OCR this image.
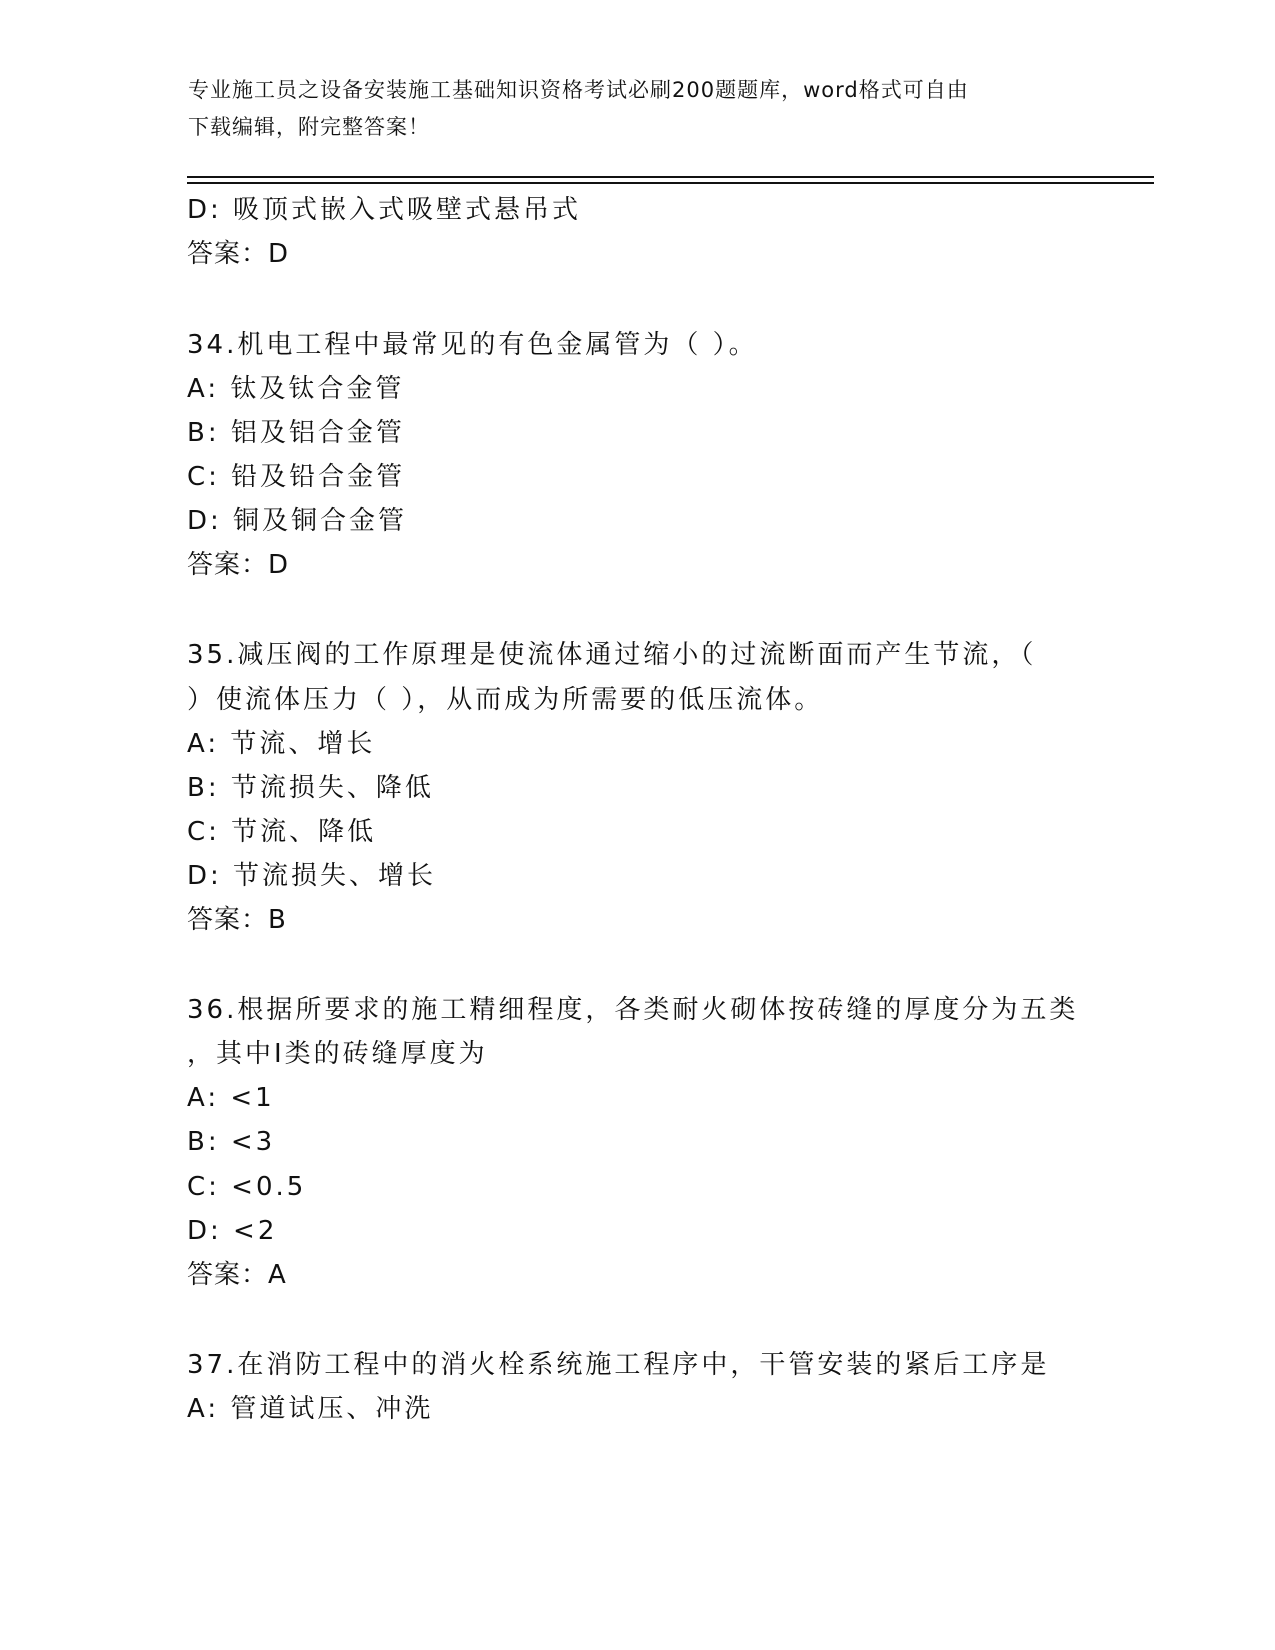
专业施工员之设备安装施工基础知识资格考试必刷200题题库，word格式可自由
下载编辑，附完整答案！
D: 吸顶式嵌入式吸壁式悬吊式
答案：D
34.机电工程中最常见的有色金属管为（ ）。
A: 钛及钛合金管
B: 铝及铝合金管
C: 铅及铅合金管
D: 铜及铜合金管
答案：D
35.减压阀的工作原理是使流体通过缩小的过流断面而产生节流，（
）使流体压力（ ），从而成为所需要的低压流体。
A: 节流、增长
B: 节流损失、降低
C: 节流、降低
D: 节流损失、增长
答案：B
36.根据所要求的施工精细程度，各类耐火砌体按砖缝的厚度分为五类
，其中Ⅰ类的砖缝厚度为
A: <1
B: <3
C: <0.5
D: <2
答案：A
37.在消防工程中的消火栓系统施工程序中，干管安装的紧后工序是
A: 管道试压、冲洗
